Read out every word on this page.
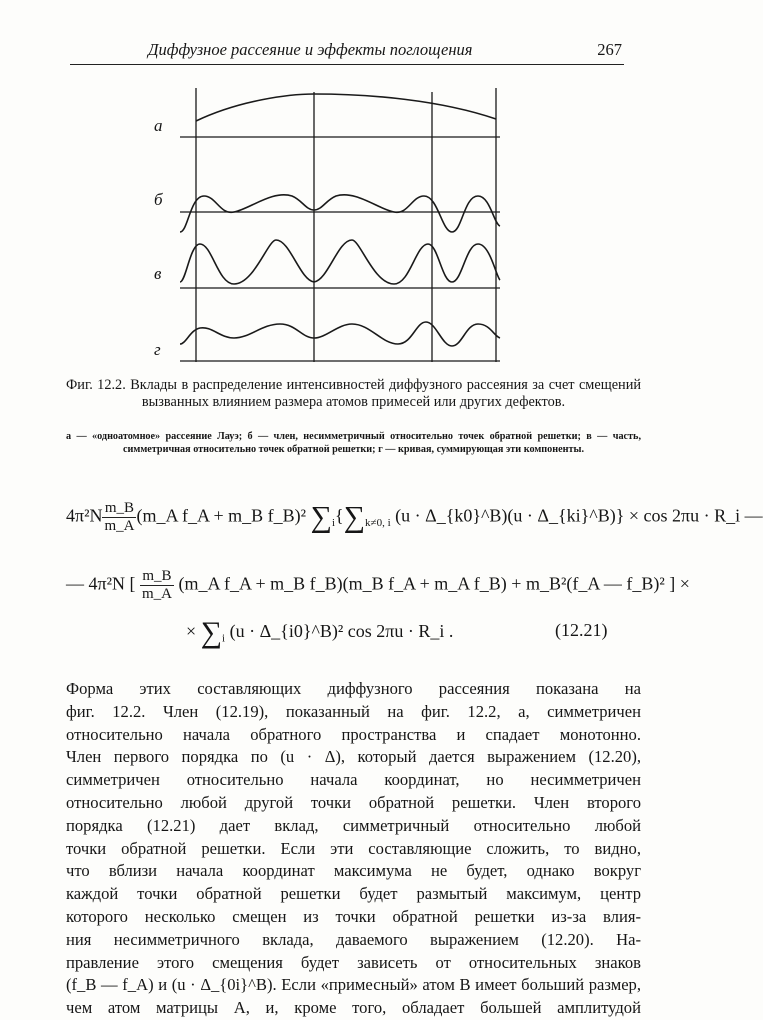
Диффузное рассеяние и эффекты поглощения	267
а
б
в
г
Фиг. 12.2. Вклады в распределение интенсивностей диффузного рассеяния за счет смещений вызванных влиянием размера атомов примесей или других дефектов.
а — «одноатомное» рассеяние Лауэ; б — член, несимметричный относительно точек обратной решетки; в — часть, симметричная относительно точек обратной решетки; г — кривая, суммирующая эти компоненты.
$4\pi^2N \frac{m\_B}{m\_A}$ (m_A f_A + m_B f_B)² $\sum_i\{\sum_{k\ne 0, i}$ (u · Δ_{k0}^B)(u · Δ_{ki}^B)} × cos 2πu · R_i —
— 4π²N [ $\frac{m\_B}{m\_A}$ (m_A f_A + m_B f_B)(m_B f_A + m_A f_B) + m_B²(f_A — f_B)² ] ×
× $\sum_i$ (u · Δ_{i0}^B)² cos 2πu · R_i .	(12.21)
Форма этих составляющих диффузного рассеяния показана на
фиг. 12.2. Член (12.19), показанный на фиг. 12.2, а, симметричен
относительно начала обратного пространства и спадает монотонно.
Член первого порядка по (u · Δ), который дается выражением (12.20),
симметричен относительно начала координат, но несимметричен
относительно любой другой точки обратной решетки. Член второго
порядка (12.21) дает вклад, симметричный относительно любой
точки обратной решетки. Если эти составляющие сложить, то видно,
что вблизи начала координат максимума не будет, однако вокруг
каждой точки обратной решетки будет размытый максимум, центр
которого несколько смещен из точки обратной решетки из-за влия-
ния несимметричного вклада, даваемого выражением (12.20). На-
правление этого смещения будет зависеть от относительных знаков
(f_B — f_A) и (u · Δ_{0i}^B). Если «примесный» атом B имеет больший размер,
чем атом матрицы A, и, кроме того, обладает большей амплитудой
